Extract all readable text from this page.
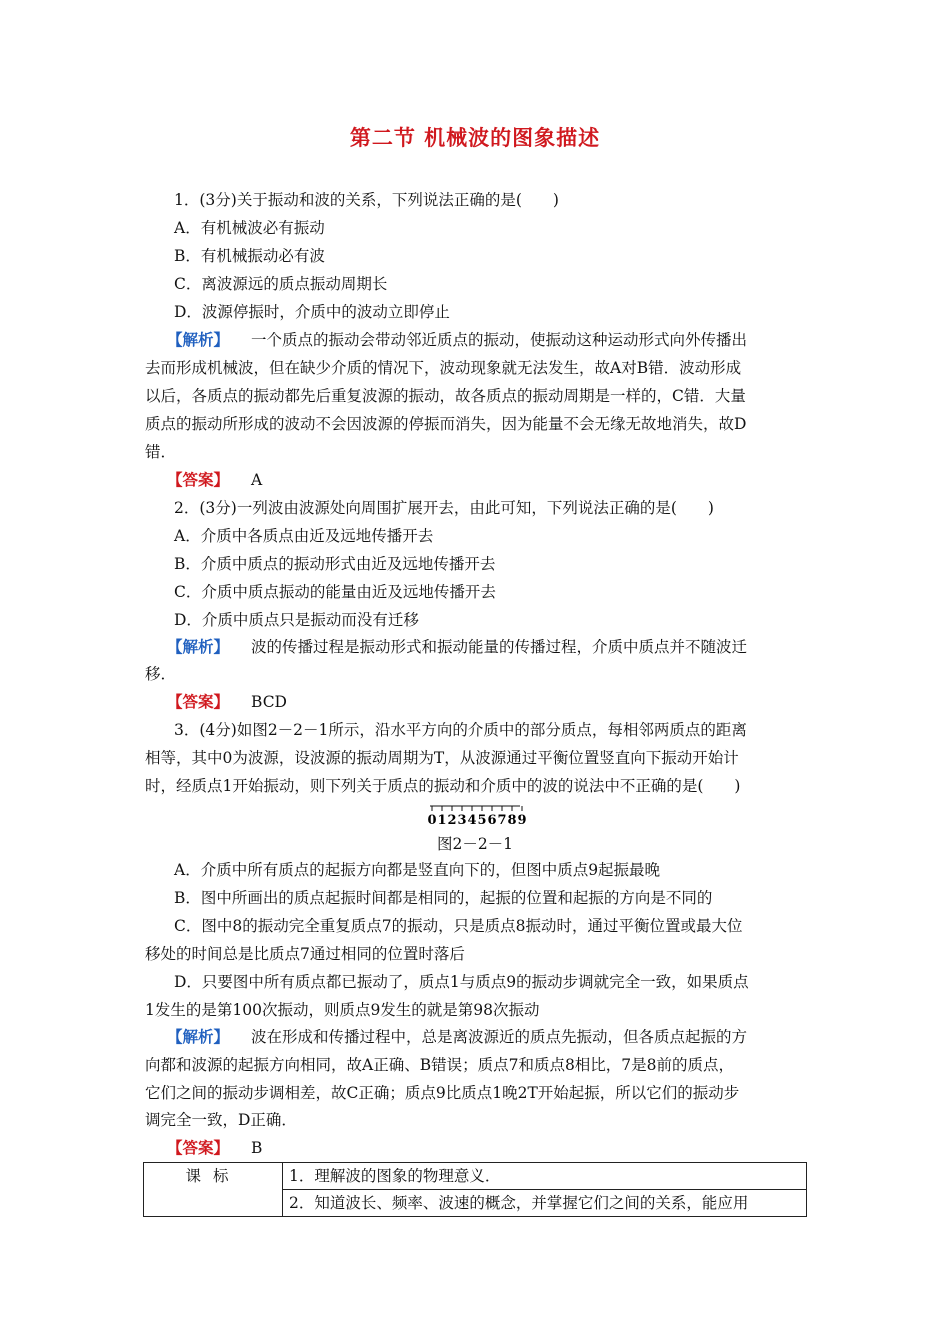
第二节 机械波的图象描述
1．(3分)关于振动和波的关系，下列说法正确的是(　　)
A．有机械波必有振动
B．有机械振动必有波
C．离波源远的质点振动周期长
D．波源停振时，介质中的波动立即停止
【解析】 一个质点的振动会带动邻近质点的振动，使振动这种运动形式向外传播出
去而形成机械波，但在缺少介质的情况下，波动现象就无法发生，故A对B错．波动形成
以后，各质点的振动都先后重复波源的振动，故各质点的振动周期是一样的，C错．大量
质点的振动所形成的波动不会因波源的停振而消失，因为能量不会无缘无故地消失，故D
错．
【答案】 A
2．(3分)一列波由波源处向周围扩展开去，由此可知，下列说法正确的是(　　)
A．介质中各质点由近及远地传播开去
B．介质中质点的振动形式由近及远地传播开去
C．介质中质点振动的能量由近及远地传播开去
D．介质中质点只是振动而没有迁移
【解析】 波的传播过程是振动形式和振动能量的传播过程，介质中质点并不随波迁
移．
【答案】 BCD
3．(4分)如图2－2－1所示，沿水平方向的介质中的部分质点，每相邻两质点的距离
相等，其中0为波源，设波源的振动周期为T，从波源通过平衡位置竖直向下振动开始计
时，经质点1开始振动，则下列关于质点的振动和介质中的波的说法中不正确的是(　　)
0 1 2 3 4 5 6 7 8 9
图2－2－1
A．介质中所有质点的起振方向都是竖直向下的，但图中质点9起振最晚
B．图中所画出的质点起振时间都是相同的，起振的位置和起振的方向是不同的
C．图中8的振动完全重复质点7的振动，只是质点8振动时，通过平衡位置或最大位
移处的时间总是比质点7通过相同的位置时落后
D．只要图中所有质点都已振动了，质点1与质点9的振动步调就完全一致，如果质点
1发生的是第100次振动，则质点9发生的就是第98次振动
【解析】 波在形成和传播过程中，总是离波源近的质点先振动，但各质点起振的方
向都和波源的起振方向相同，故A正确、B错误；质点7和质点8相比，7是8前的质点，
它们之间的振动步调相差，故C正确；质点9比质点1晚2T开始起振，所以它们的振动步
调完全一致，D正确．
【答案】 B
课标	1．理解波的图象的物理意义．
2．知道波长、频率、波速的概念，并掌握它们之间的关系，能应用
